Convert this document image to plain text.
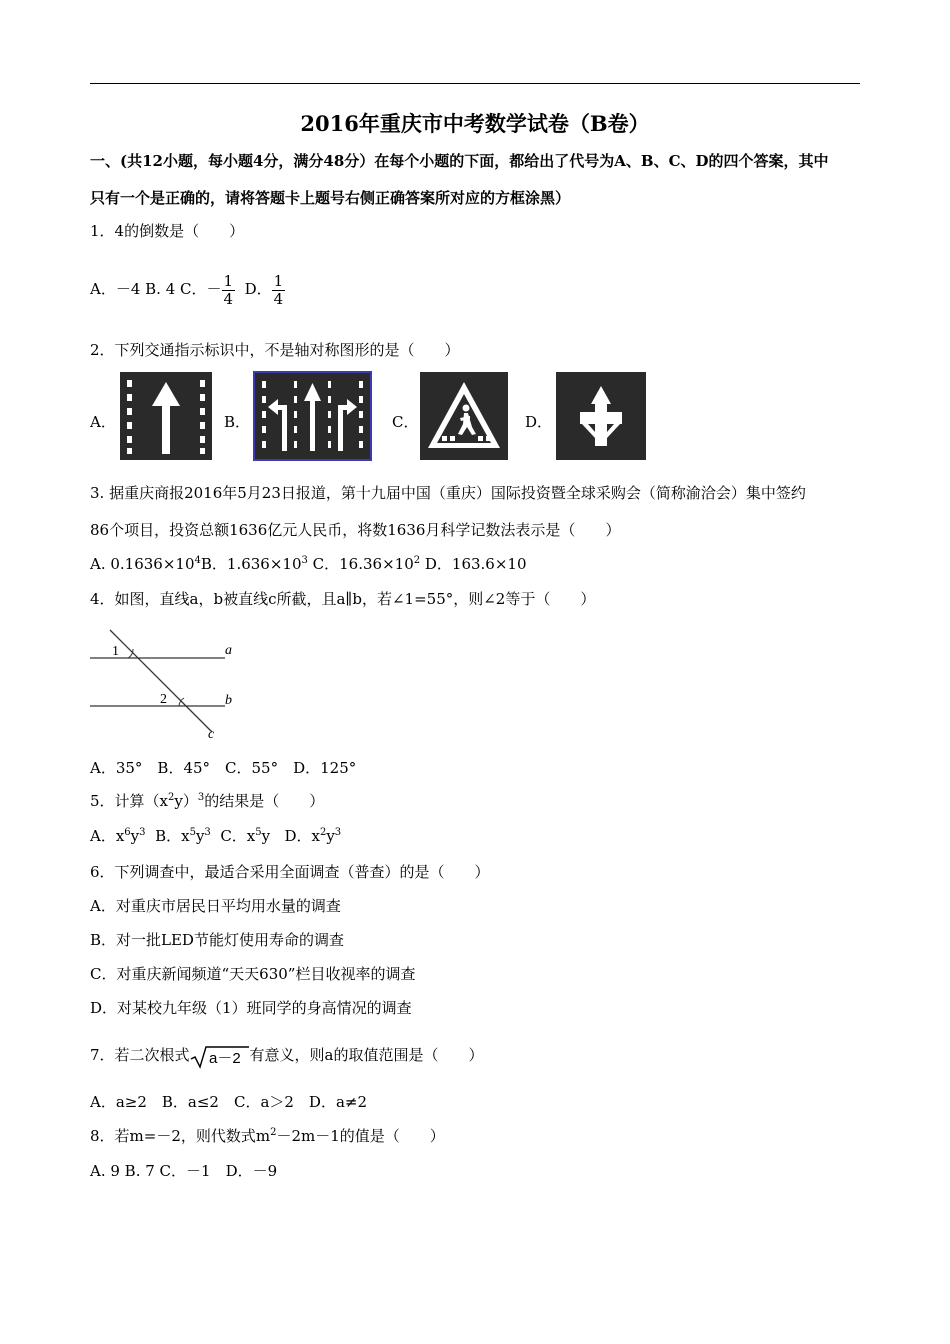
2016年重庆市中考数学试卷（B卷）
一、(共12小题，每小题4分，满分48分）在每个小题的下面，都给出了代号为A、B、C、D的四个答案，其中
只有一个是正确的，请将答题卡上题号右侧正确答案所对应的方框涂黑）
1．4的倒数是（　　）
A．－4 B. 4 C．－ $\frac{1}{4}$ D． $\frac{1}{4}$
2．下列交通指示标识中，不是轴对称图形的是（　　）
A．	B．	C．	D．
3. 据重庆商报2016年5月23日报道，第十九届中国（重庆）国际投资暨全球采购会（简称渝洽会）集中签约
86个项目，投资总额1636亿元人民币，将数1636月科学记数法表示是（　　）
A. $0.1636\times 10^4B$．$1.636\times 10^3$ C．$16.36\times 10^2$ D．163.6×10
4．如图，直线a，b被直线c所截，且a∥b，若∠1=55°，则∠2等于（　　）
1
2
a
b
c
A．35°　B．45°　C．55°　D．125°
5．计算$(x^2y)^3$的结果是（　　）
A．$x^6y^3$  B．$x^5y^3$  C．$x^5y$   D．$x^2y^3$
6．下列调查中，最适合采用全面调查（普查）的是（　　）
A．对重庆市居民日平均用水量的调查
B．对一批LED节能灯使用寿命的调查
C．对重庆新闻频道“天天630”栏目收视率的调查
D．对某校九年级（1）班同学的身高情况的调查
7．若二次根式 a－2 有意义，则a的取值范围是（　　）
A．a≥2　B．a≤2　C．a＞2　D．a≠2
8．若m=－2，则代数式$m^2-2m-1$的值是（　　）
A. 9 B. 7 C．－1　D．－9
